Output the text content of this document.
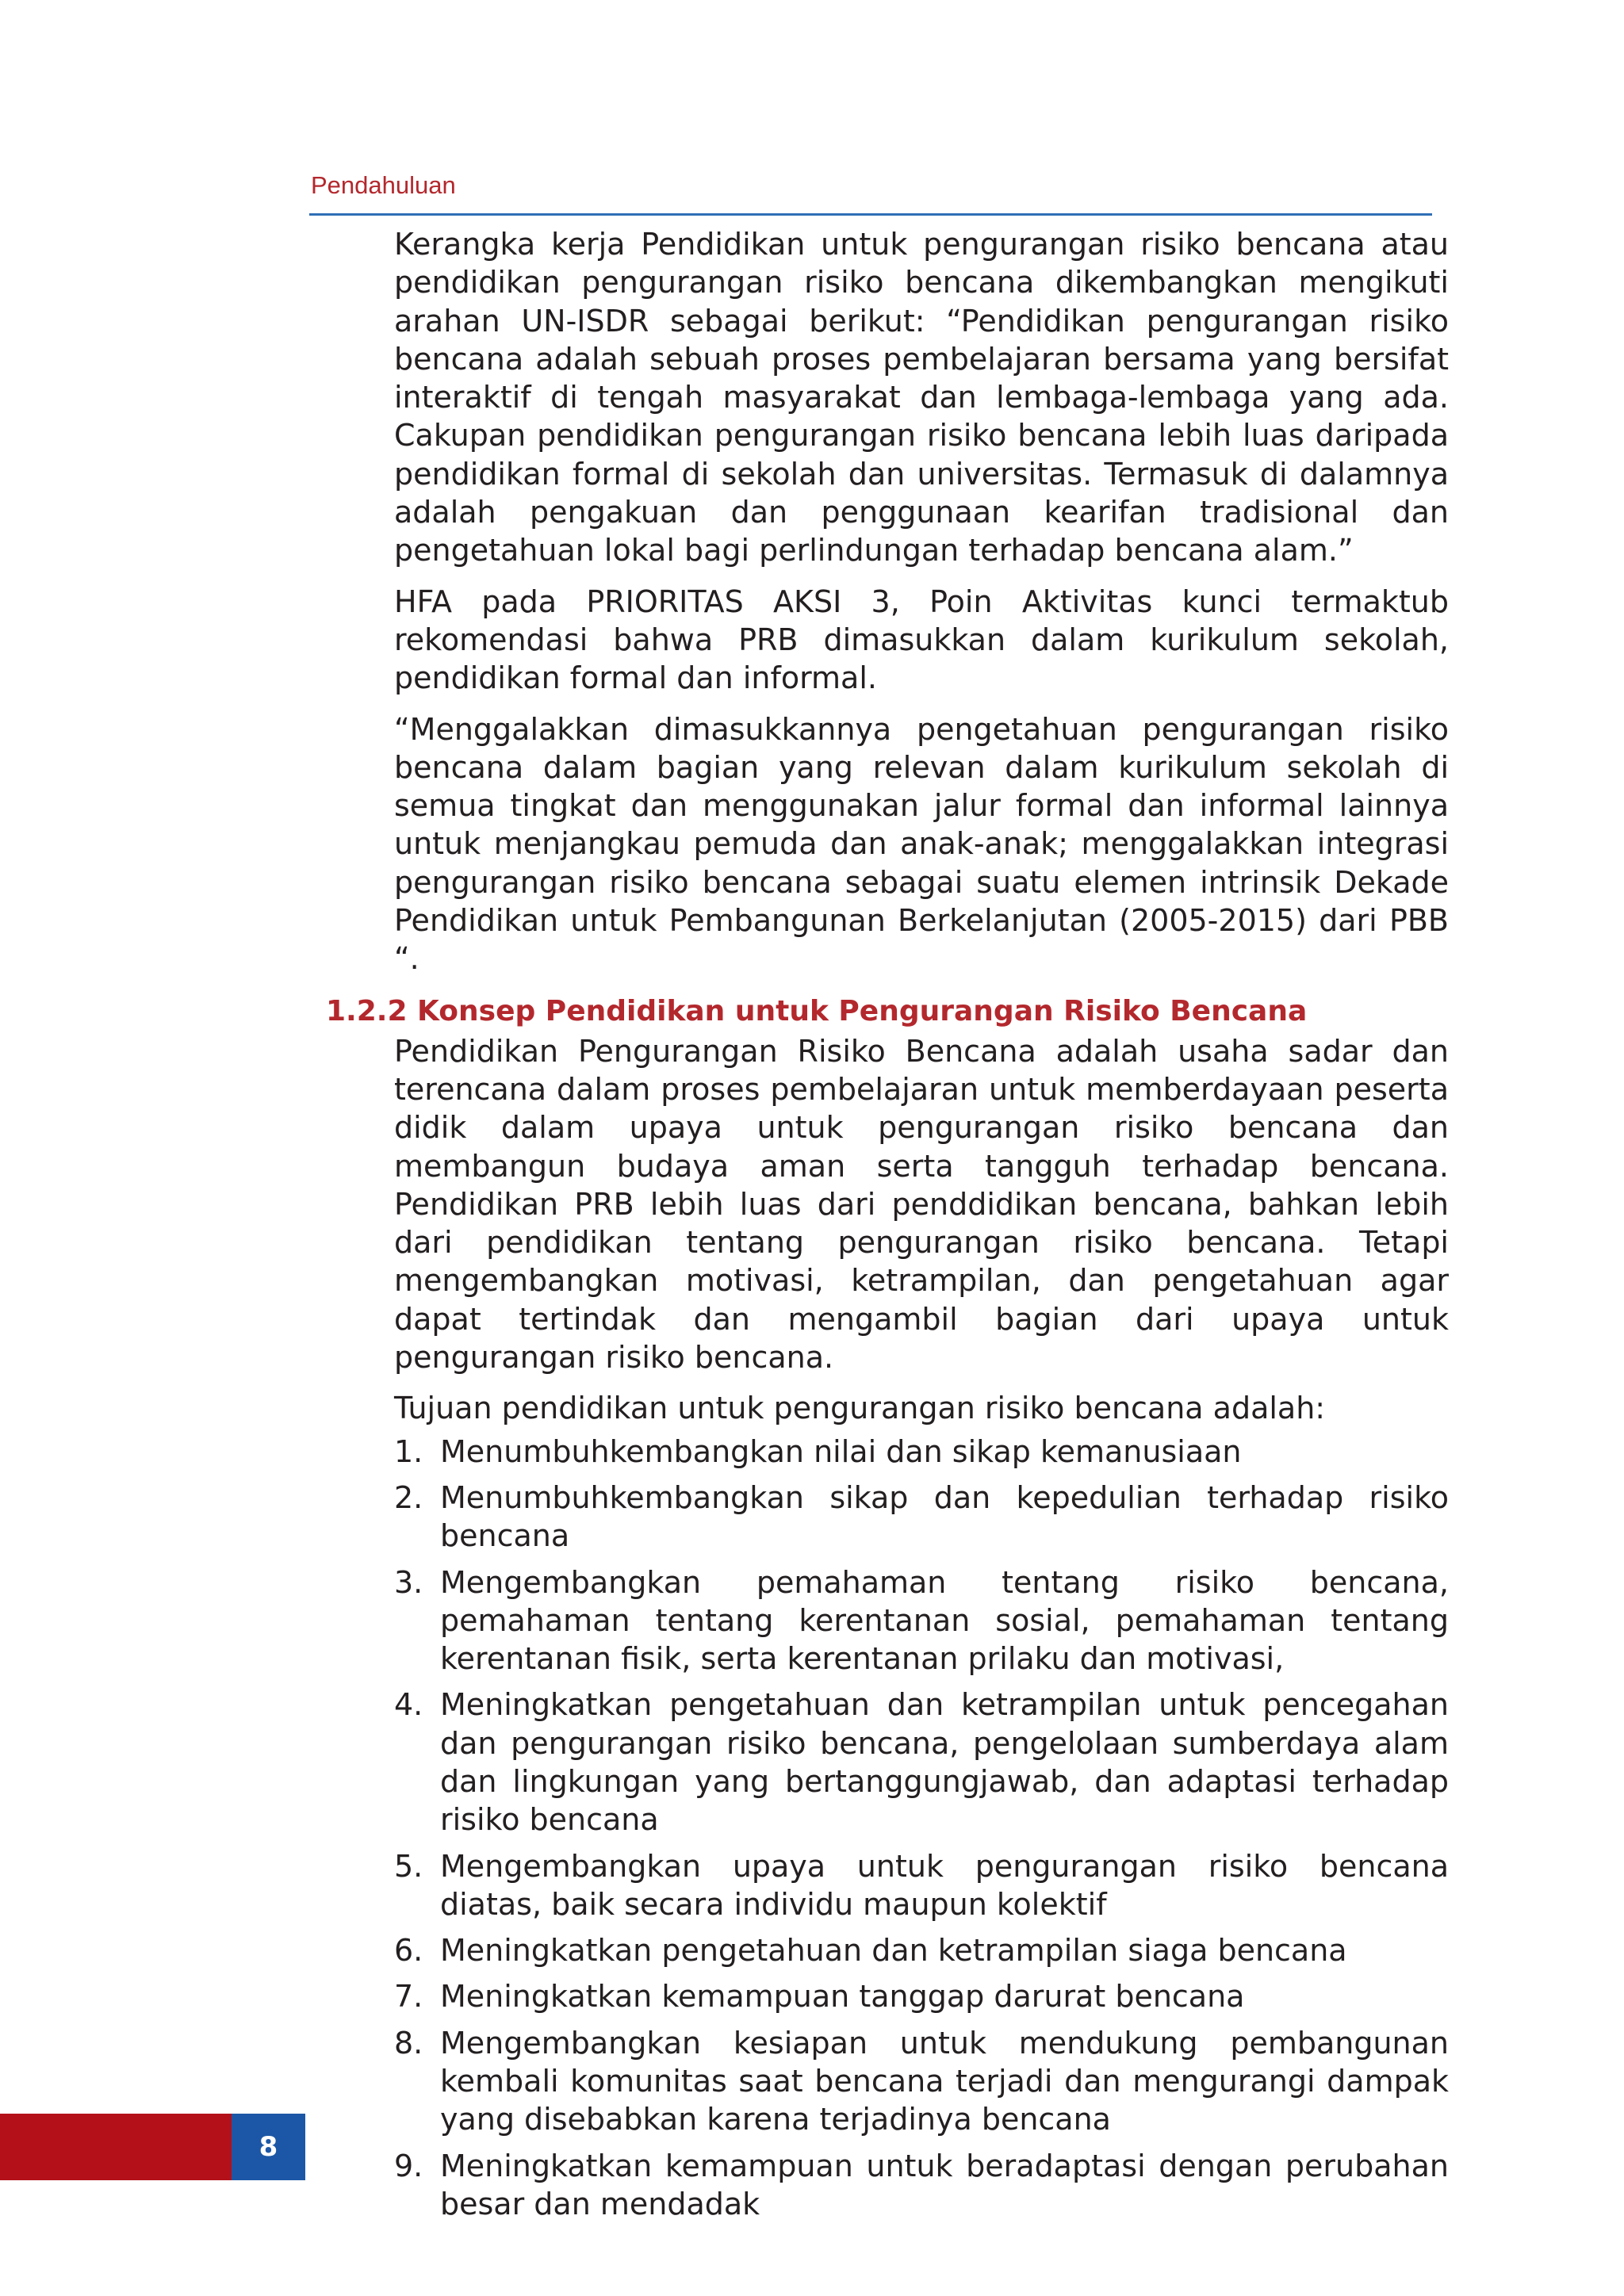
Pendahuluan

Kerangka kerja Pendidikan untuk pengurangan risiko bencana atau pendidikan pengurangan risiko bencana dikembangkan mengikuti arahan UN-ISDR sebagai berikut: “Pendidikan pengurangan risiko bencana adalah sebuah proses pembelajaran bersama yang bersifat interaktif di tengah masyarakat dan lembaga-lembaga yang ada. Cakupan pendidikan pengurangan risiko bencana lebih luas daripada pendidikan formal di sekolah dan universitas. Termasuk di dalamnya adalah pengakuan dan penggunaan kearifan tradisional dan pengetahuan lokal bagi perlindungan terhadap bencana alam.”

HFA pada PRIORITAS AKSI 3, Poin Aktivitas kunci termaktub rekomendasi bahwa PRB dimasukkan dalam kurikulum sekolah, pendidikan formal dan informal.

“Menggalakkan dimasukkannya pengetahuan pengurangan risiko bencana dalam bagian yang relevan dalam kurikulum sekolah di semua tingkat dan menggunakan jalur formal dan informal lainnya untuk menjangkau pemuda dan anak-anak; menggalakkan integrasi pengurangan risiko bencana sebagai suatu elemen intrinsik Dekade Pendidikan untuk Pembangunan Berkelanjutan (2005-2015) dari PBB “.

1.2.2 Konsep Pendidikan untuk Pengurangan Risiko Bencana

Pendidikan Pengurangan Risiko Bencana adalah usaha sadar dan terencana dalam proses pembelajaran untuk memberdayaan peserta didik dalam upaya untuk pengurangan risiko bencana dan membangun budaya aman serta tangguh terhadap bencana. Pendidikan PRB lebih luas dari penddidikan bencana, bahkan lebih dari pendidikan tentang pengurangan risiko bencana. Tetapi mengembangkan motivasi, ketrampilan, dan pengetahuan agar dapat tertindak dan mengambil bagian dari upaya untuk pengurangan risiko bencana.

Tujuan pendidikan untuk pengurangan risiko bencana adalah:

1. Menumbuhkembangkan nilai dan sikap kemanusiaan
2. Menumbuhkembangkan sikap dan kepedulian terhadap risiko bencana
3. Mengembangkan pemahaman tentang risiko bencana, pemahaman tentang kerentanan sosial, pemahaman tentang kerentanan fisik, serta kerentanan prilaku dan motivasi,
4. Meningkatkan pengetahuan dan ketrampilan untuk pencegahan dan pengurangan risiko bencana, pengelolaan sumberdaya alam dan lingkungan yang bertanggungjawab, dan adaptasi terhadap risiko bencana
5. Mengembangkan upaya untuk pengurangan risiko bencana diatas, baik secara individu maupun kolektif
6. Meningkatkan pengetahuan dan ketrampilan siaga bencana
7. Meningkatkan kemampuan tanggap darurat bencana
8. Mengembangkan kesiapan untuk mendukung pembangunan kembali komunitas saat bencana terjadi dan mengurangi dampak yang disebabkan karena terjadinya bencana
9. Meningkatkan kemampuan untuk beradaptasi dengan perubahan besar dan mendadak
8
